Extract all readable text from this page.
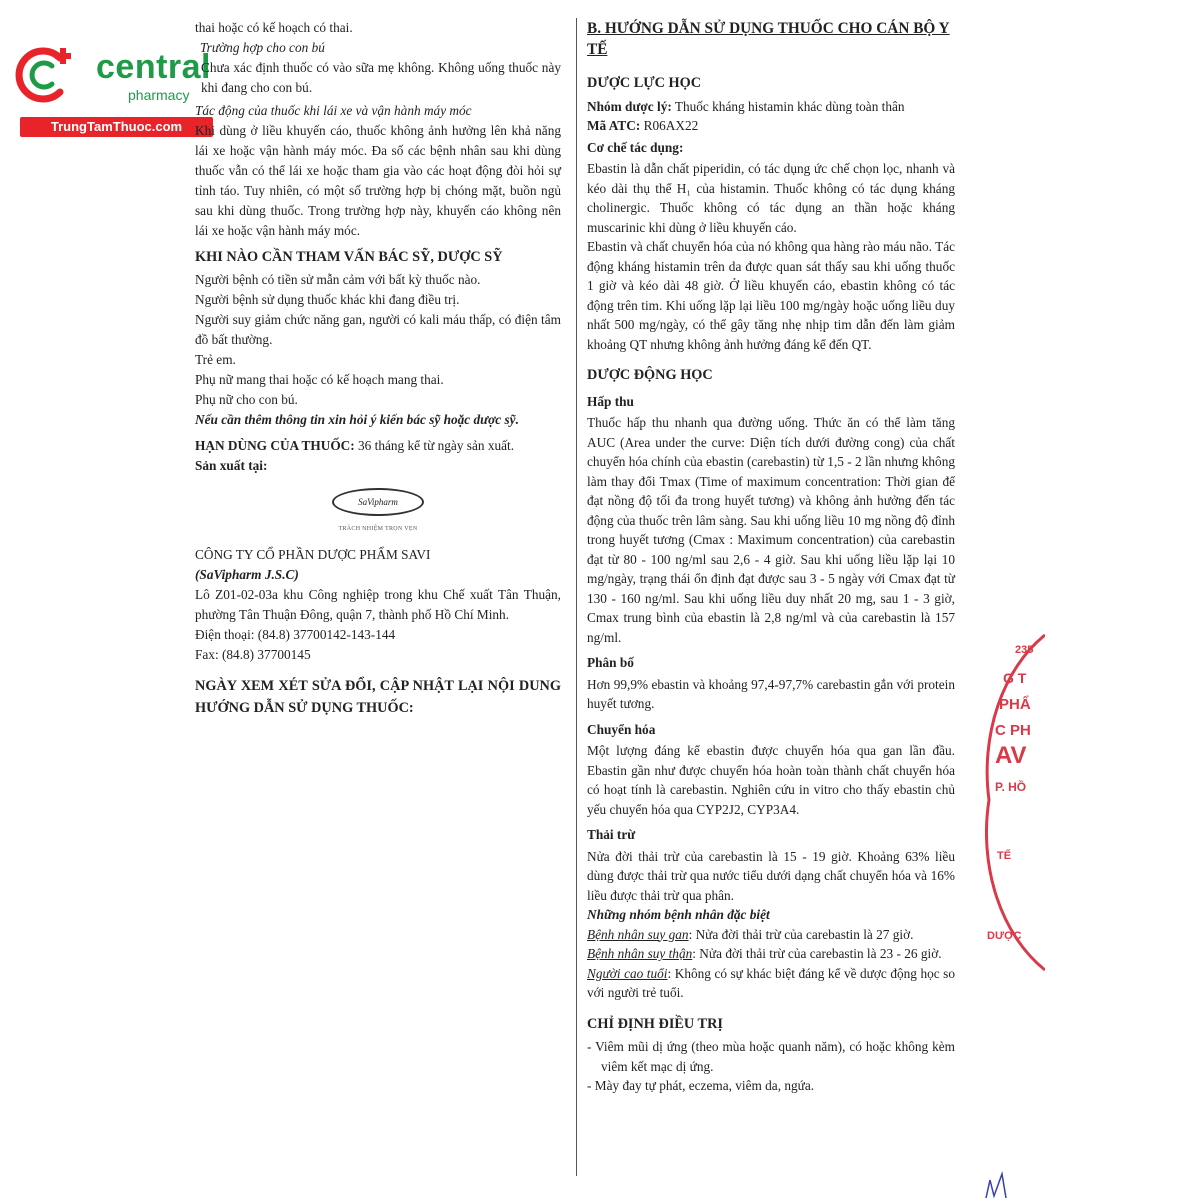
central
pharmacy
TrungTamThuoc.com

thai hoặc có kế hoạch có thai.

Trường hợp cho con bú

Chưa xác định thuốc có vào sữa mẹ không. Không uống thuốc này khi đang cho con bú.

Tác động của thuốc khi lái xe và vận hành máy móc

Khi dùng ở liều khuyến cáo, thuốc không ảnh hưởng lên khả năng lái xe hoặc vận hành máy móc. Đa số các bệnh nhân sau khi dùng thuốc vẫn có thể lái xe hoặc tham gia vào các hoạt động đòi hỏi sự tỉnh táo. Tuy nhiên, có một số trường hợp bị chóng mặt, buồn ngủ sau khi dùng thuốc. Trong trường hợp này, khuyến cáo không nên lái xe hoặc vận hành máy móc.

KHI NÀO CẦN THAM VẤN BÁC SỸ, DƯỢC SỸ

Người bệnh có tiền sử mẫn cảm với bất kỳ thuốc nào.

Người bệnh sử dụng thuốc khác khi đang điều trị.

Người suy giảm chức năng gan, người có kali máu thấp, có điện tâm đồ bất thường.

Trẻ em.

Phụ nữ mang thai hoặc có kế hoạch mang thai.

Phụ nữ cho con bú.

Nếu cần thêm thông tin xin hỏi ý kiến bác sỹ hoặc dược sỹ.

HẠN DÙNG CỦA THUỐC: 36 tháng kể từ ngày sản xuất.

Sản xuất tại:

SaVipharm
TRÁCH NHIỆM TRỌN VẸN

CÔNG TY CỔ PHẦN DƯỢC PHẨM SAVI

(SaVipharm J.S.C)

Lô Z01-02-03a khu Công nghiệp trong khu Chế xuất Tân Thuận, phường Tân Thuận Đông, quận 7, thành phố Hồ Chí Minh.

Điện thoại: (84.8) 37700142-143-144

Fax: (84.8) 37700145

NGÀY XEM XÉT SỬA ĐỔI, CẬP NHẬT LẠI NỘI DUNG HƯỚNG DẪN SỬ DỤNG THUỐC:

B. HƯỚNG DẪN SỬ DỤNG THUỐC CHO CÁN BỘ Y TẾ

DƯỢC LỰC HỌC

Nhóm dược lý: Thuốc kháng histamin khác dùng toàn thân

Mã ATC: R06AX22

Cơ chế tác dụng:

Ebastin là dẫn chất piperidin, có tác dụng ức chế chọn lọc, nhanh và kéo dài thụ thể H₁ của histamin. Thuốc không có tác dụng kháng cholinergic. Thuốc không có tác dụng an thần hoặc kháng muscarinic khi dùng ở liều khuyến cáo.

Ebastin và chất chuyển hóa của nó không qua hàng rào máu não. Tác động kháng histamin trên da được quan sát thấy sau khi uống thuốc 1 giờ và kéo dài 48 giờ. Ở liều khuyến cáo, ebastin không có tác động trên tim. Khi uống lặp lại liều 100 mg/ngày hoặc uống liều duy nhất 500 mg/ngày, có thể gây tăng nhẹ nhịp tim dẫn đến làm giảm khoảng QT nhưng không ảnh hưởng đáng kể đến QT.

DƯỢC ĐỘNG HỌC

Hấp thu

Thuốc hấp thu nhanh qua đường uống. Thức ăn có thể làm tăng AUC (Area under the curve: Diện tích dưới đường cong) của chất chuyển hóa chính của ebastin (carebastin) từ 1,5 - 2 lần nhưng không làm thay đổi Tmax (Time of maximum concentration: Thời gian để đạt nồng độ tối đa trong huyết tương) và không ảnh hưởng đến tác động của thuốc trên lâm sàng. Sau khi uống liều 10 mg nồng độ đỉnh trong huyết tương (Cmax : Maximum concentration) của carebastin đạt từ 80 - 100 ng/ml sau 2,6 - 4 giờ. Sau khi uống liều lặp lại 10 mg/ngày, trạng thái ổn định đạt được sau 3 - 5 ngày với Cmax đạt từ 130 - 160 ng/ml. Sau khi uống liều duy nhất 20 mg, sau 1 - 3 giờ, Cmax trung bình của ebastin là 2,8 ng/ml và của carebastin là 157 ng/ml.

Phân bố

Hơn 99,9% ebastin và khoảng 97,4-97,7% carebastin gắn với protein huyết tương.

Chuyển hóa

Một lượng đáng kể ebastin được chuyển hóa qua gan lần đầu. Ebastin gần như được chuyển hóa hoàn toàn thành chất chuyển hóa có hoạt tính là carebastin. Nghiên cứu in vitro cho thấy ebastin chủ yếu chuyển hóa qua CYP2J2, CYP3A4.

Thải trừ

Nửa đời thải trừ của carebastin là 15 - 19 giờ. Khoảng 63% liều dùng được thải trừ qua nước tiểu dưới dạng chất chuyển hóa và 16% liều được thải trừ qua phân.

Những nhóm bệnh nhân đặc biệt

Bệnh nhân suy gan: Nửa đời thải trừ của carebastin là 27 giờ.

Bệnh nhân suy thận: Nửa đời thải trừ của carebastin là 23 - 26 giờ.

Người cao tuổi: Không có sự khác biệt đáng kể về dược động học so với người trẻ tuổi.

CHỈ ĐỊNH ĐIỀU TRỊ

- Viêm mũi dị ứng (theo mùa hoặc quanh năm), có hoặc không kèm viêm kết mạc dị ứng.

- Mày đay tự phát, eczema, viêm da, ngứa.

235
G T
PHẨ
C PH
AV
P. HỒ
TẾ
DƯỢC
